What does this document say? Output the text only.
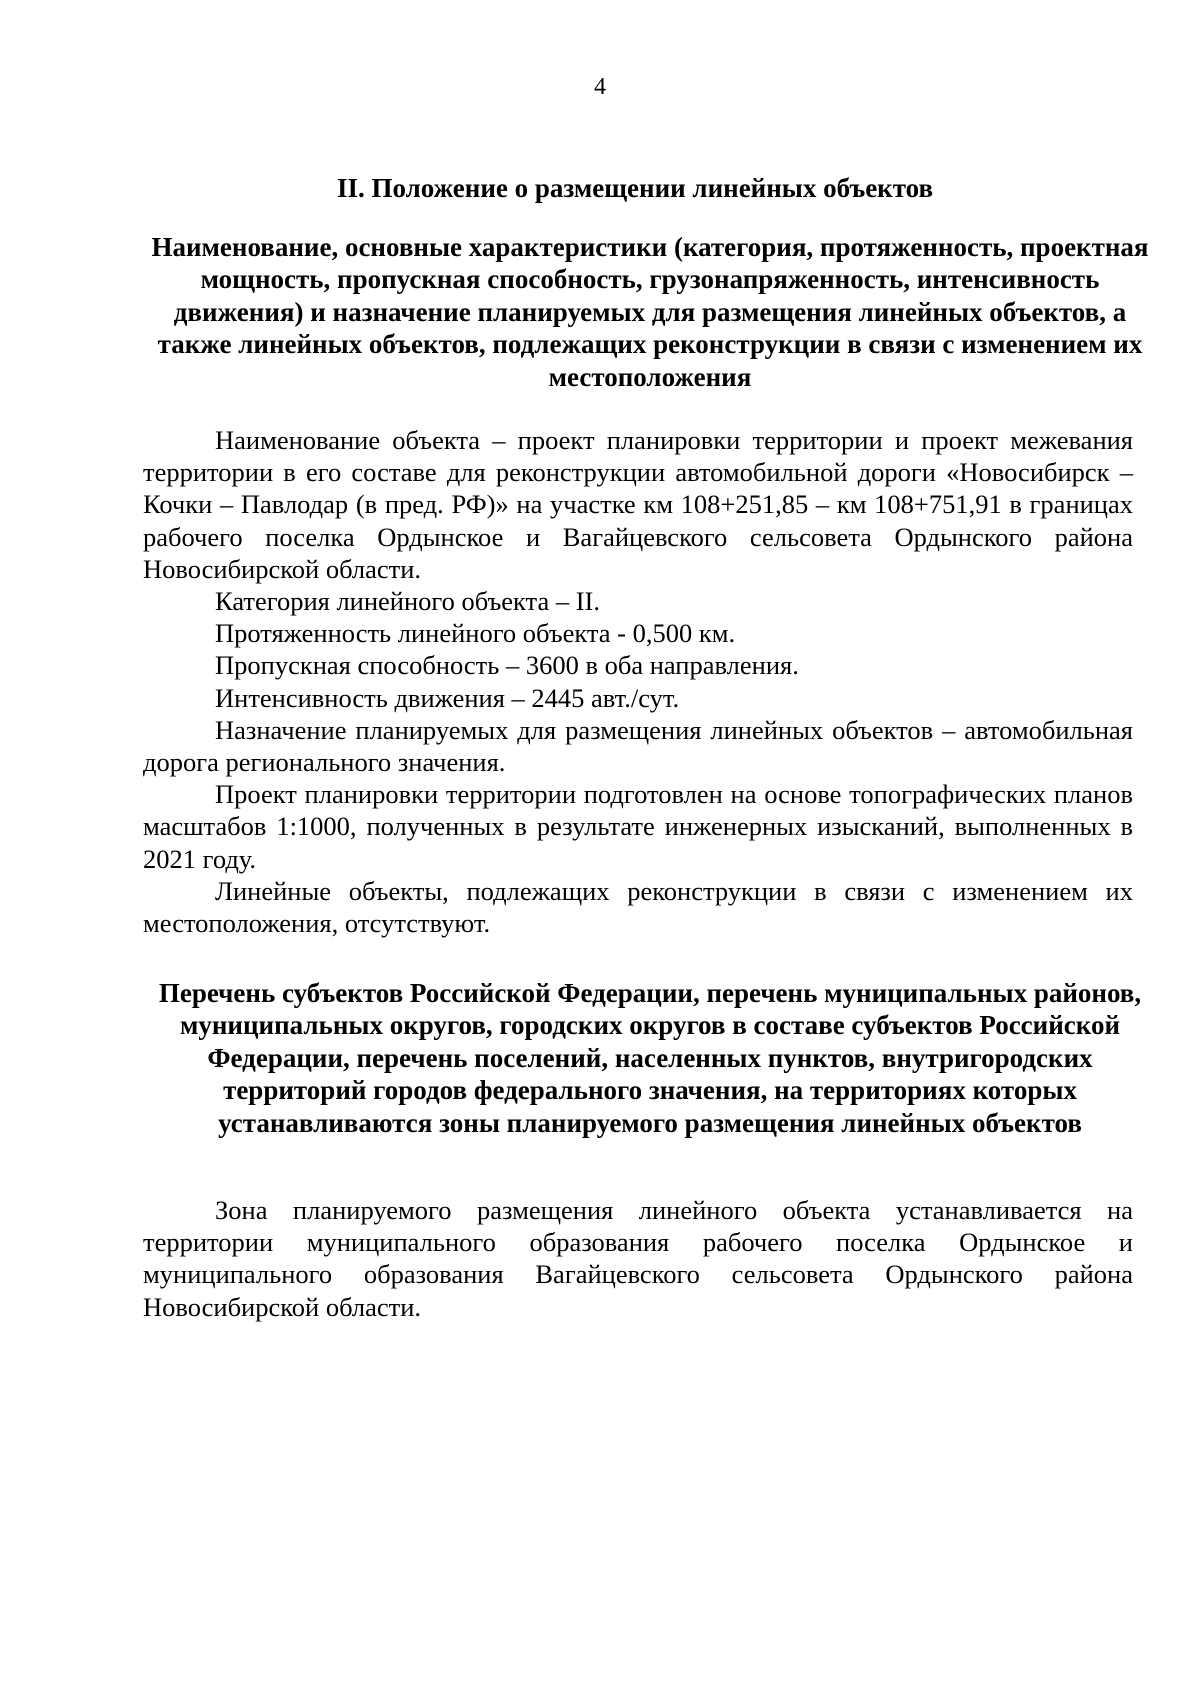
4
II. Положение о размещении линейных объектов
Наименование, основные характеристики (категория, протяженность, проектная мощность, пропускная способность, грузонапряженность, интенсивность движения) и назначение планируемых для размещения линейных объектов, а также линейных объектов, подлежащих реконструкции в связи с изменением их местоположения

Наименование объекта – проект планировки территории и проект межевания территории в его составе для реконструкции автомобильной дороги «Новосибирск – Кочки – Павлодар (в пред. РФ)» на участке км 108+251,85 – км 108+751,91 в границах рабочего поселка Ордынское и Вагайцевского сельсовета Ордынского района Новосибирской области.

Категория линейного объекта – II.

Протяженность линейного объекта - 0,500 км.

Пропускная способность – 3600 в оба направления.

Интенсивность движения – 2445 авт./сут.

Назначение планируемых для размещения линейных объектов – автомобильная дорога регионального значения.

Проект планировки территории подготовлен на основе топографических планов масштабов 1:1000, полученных в результате инженерных изысканий, выполненных в 2021 году.

Линейные объекты, подлежащих реконструкции в связи с изменением их местоположения, отсутствуют.

Перечень субъектов Российской Федерации, перечень муниципальных районов, муниципальных округов, городских округов в составе субъектов Российской Федерации, перечень поселений, населенных пунктов, внутригородских территорий городов федерального значения, на территориях которых устанавливаются зоны планируемого размещения линейных объектов

Зона планируемого размещения линейного объекта устанавливается на территории муниципального образования рабочего поселка Ордынское и муниципального образования Вагайцевского сельсовета Ордынского района Новосибирской области.
